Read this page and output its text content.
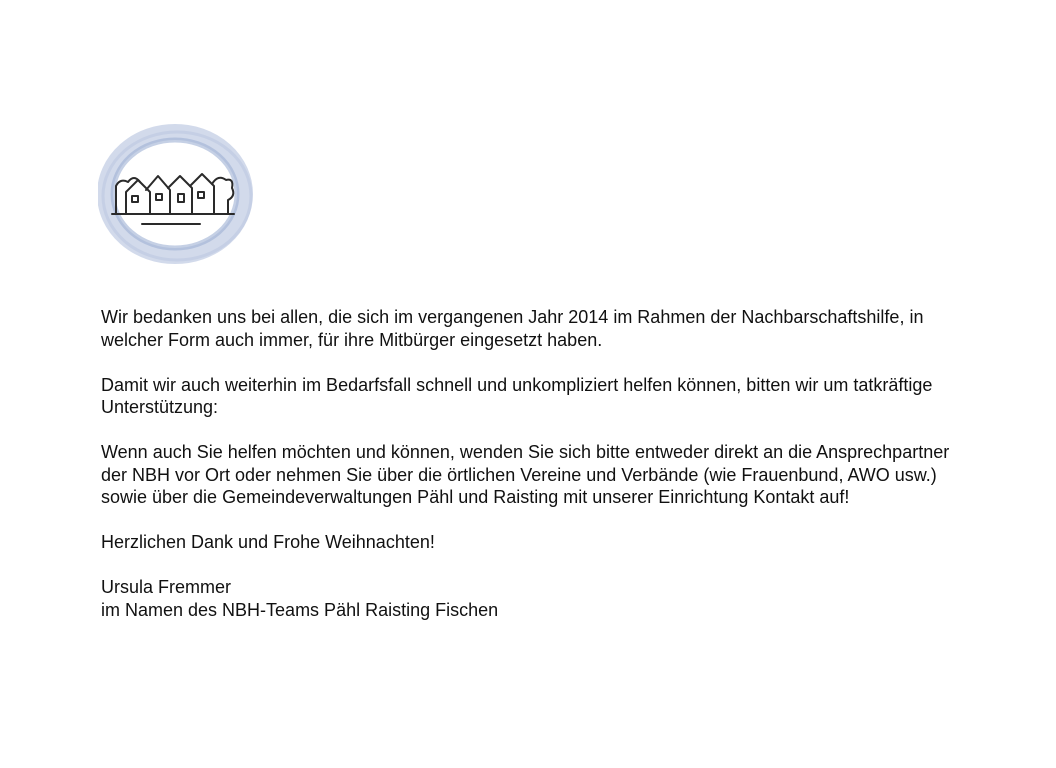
Wir bedanken uns bei allen, die sich im vergangenen Jahr 2014 im Rahmen der Nachbarschaftshilfe, in welcher Form auch immer, für ihre Mitbürger eingesetzt haben.

Damit wir auch weiterhin im Bedarfsfall schnell und unkompliziert helfen können, bitten wir um tatkräftige Unterstützung:

Wenn auch Sie helfen möchten und können, wenden Sie sich bitte entweder direkt an die Ansprechpartner der NBH vor Ort oder nehmen Sie über die örtlichen Vereine und Verbände (wie Frauenbund, AWO usw.) sowie über die Gemeindeverwaltungen Pähl und Raisting mit unserer Einrichtung Kontakt auf!

Herzlichen Dank und Frohe Weihnachten!

Ursula Fremmer
im Namen des NBH-Teams Pähl Raisting Fischen
